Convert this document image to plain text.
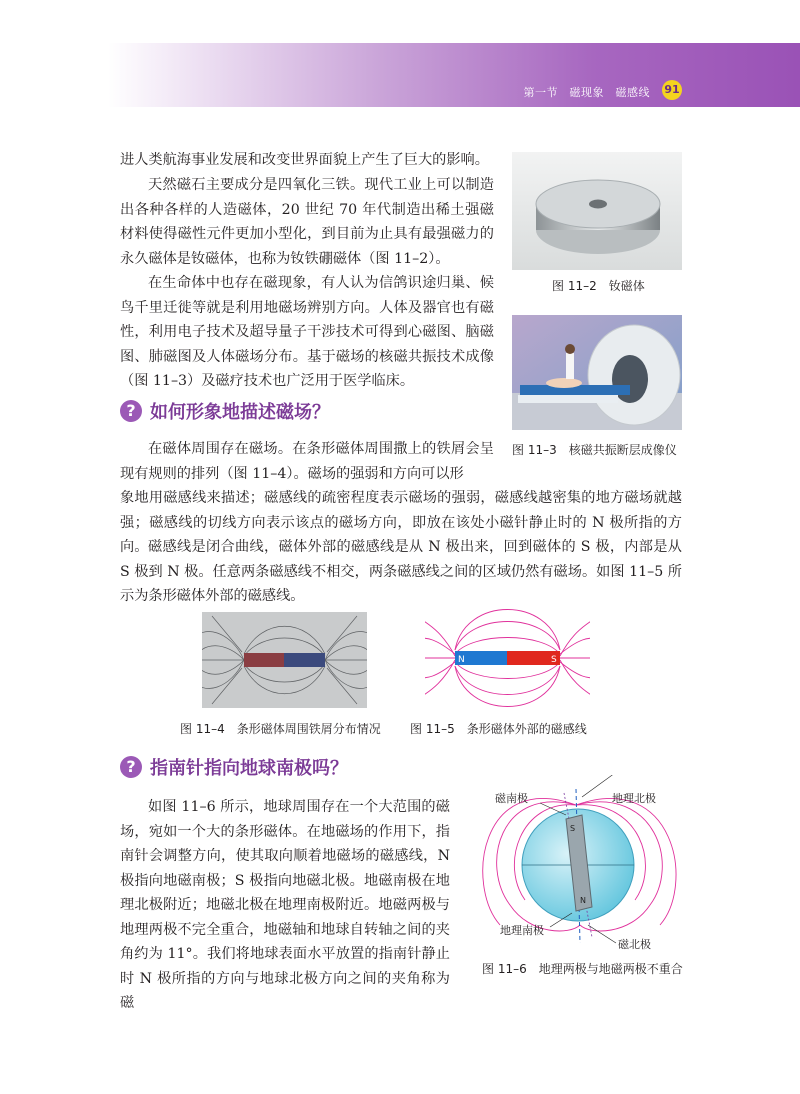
第一节　磁现象　磁感线 91

进人类航海事业发展和改变世界面貌上产生了巨大的影响。

天然磁石主要成分是四氧化三铁。现代工业上可以制造出各种各样的人造磁体，20 世纪 70 年代制造出稀土强磁材料使得磁性元件更加小型化，到目前为止具有最强磁力的永久磁体是钕磁体，也称为钕铁硼磁体（图 11–2）。

在生命体中也存在磁现象，有人认为信鸽识途归巢、候鸟千里迁徙等就是利用地磁场辨别方向。人体及器官也有磁性，利用电子技术及超导量子干涉技术可得到心磁图、脑磁图、肺磁图及人体磁场分布。基于磁场的核磁共振技术成像（图 11–3）及磁疗技术也广泛用于医学临床。

? 如何形象地描述磁场？

在磁体周围存在磁场。在条形磁体周围撒上的铁屑会呈现有规则的排列（图 11–4）。磁场的强弱和方向可以形

象地用磁感线来描述；磁感线的疏密程度表示磁场的强弱，磁感线越密集的地方磁场就越强；磁感线的切线方向表示该点的磁场方向，即放在该处小磁针静止时的 N 极所指的方向。 磁感线是闭合曲线，磁体外部的磁感线是从 N 极出来，回到磁体的 S 极，内部是从 S 极到 N 极。任意两条磁感线不相交，两条磁感线之间的区域仍然有磁场。如图 11–5 所示为条形磁体外部的磁感线。

图 11–2　钕磁体
图 11–3　核磁共振断层成像仪
图 11–4　条形磁体周围铁屑分布情况
N	S
图 11–5　条形磁体外部的磁感线
? 指南针指向地球南极吗？

如图 11–6 所示，地球周围存在一个大范围的磁场，宛如一个大的条形磁体。在地磁场的作用下，指南针会调整方向，使其取向顺着地磁场的磁感线，N 极指向地磁南极；S 极指向地磁北极。地磁南极在地理北极附近；地磁北极在地理南极附近。地磁两极与地理两极不完全重合，地磁轴和地球自转轴之间的夹角约为 11°。我们将地球表面水平放置的指南针静止时 N 极所指的方向与地球北极方向之间的夹角称为磁

S
N
地理北极
磁南极
地理南极
磁北极
图 11–6　地理两极与地磁两极不重合
